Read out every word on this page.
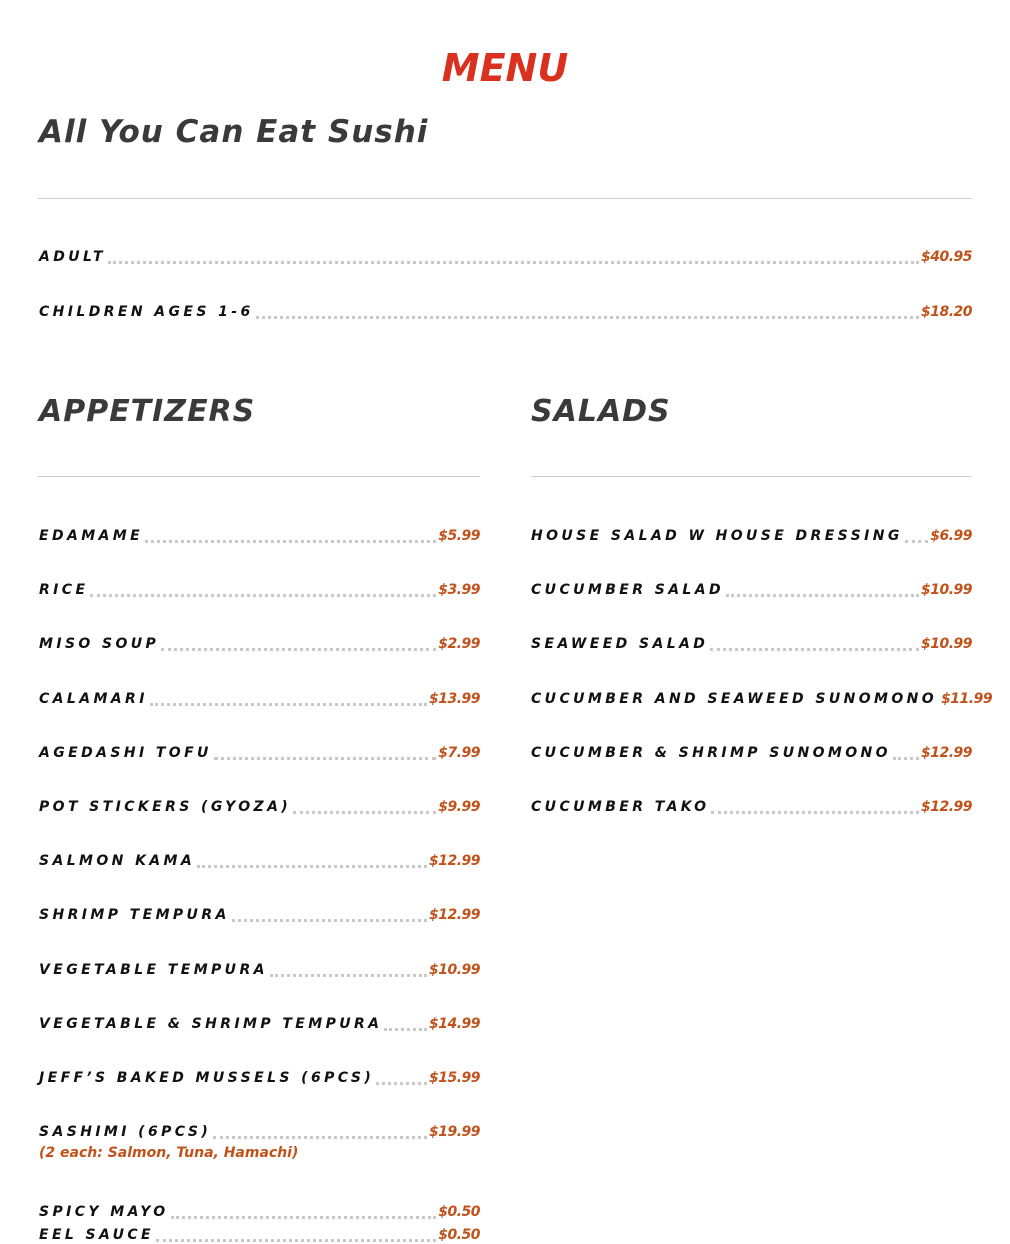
MENU
All You Can Eat Sushi
ADULT	$40.95
CHILDREN AGES 1-6	$18.20
APPETIZERS
EDAMAME	$5.99
RICE	$3.99
MISO SOUP	$2.99
CALAMARI	$13.99
AGEDASHI TOFU	$7.99
POT STICKERS (GYOZA)	$9.99
SALMON KAMA	$12.99
SHRIMP TEMPURA	$12.99
VEGETABLE TEMPURA	$10.99
VEGETABLE & SHRIMP TEMPURA	$14.99
JEFF’S BAKED MUSSELS (6PCS)	$15.99
SASHIMI (6PCS)	$19.99
(2 each: Salmon, Tuna, Hamachi)
SPICY MAYO	$0.50
EEL SAUCE	$0.50
SALADS
HOUSE SALAD W HOUSE DRESSING $6.99
CUCUMBER SALAD	$10.99
SEAWEED SALAD	$10.99
CUCUMBER AND SEAWEED SUNOMONO $11.99
CUCUMBER & SHRIMP SUNOMONO $12.99
CUCUMBER TAKO	$12.99
